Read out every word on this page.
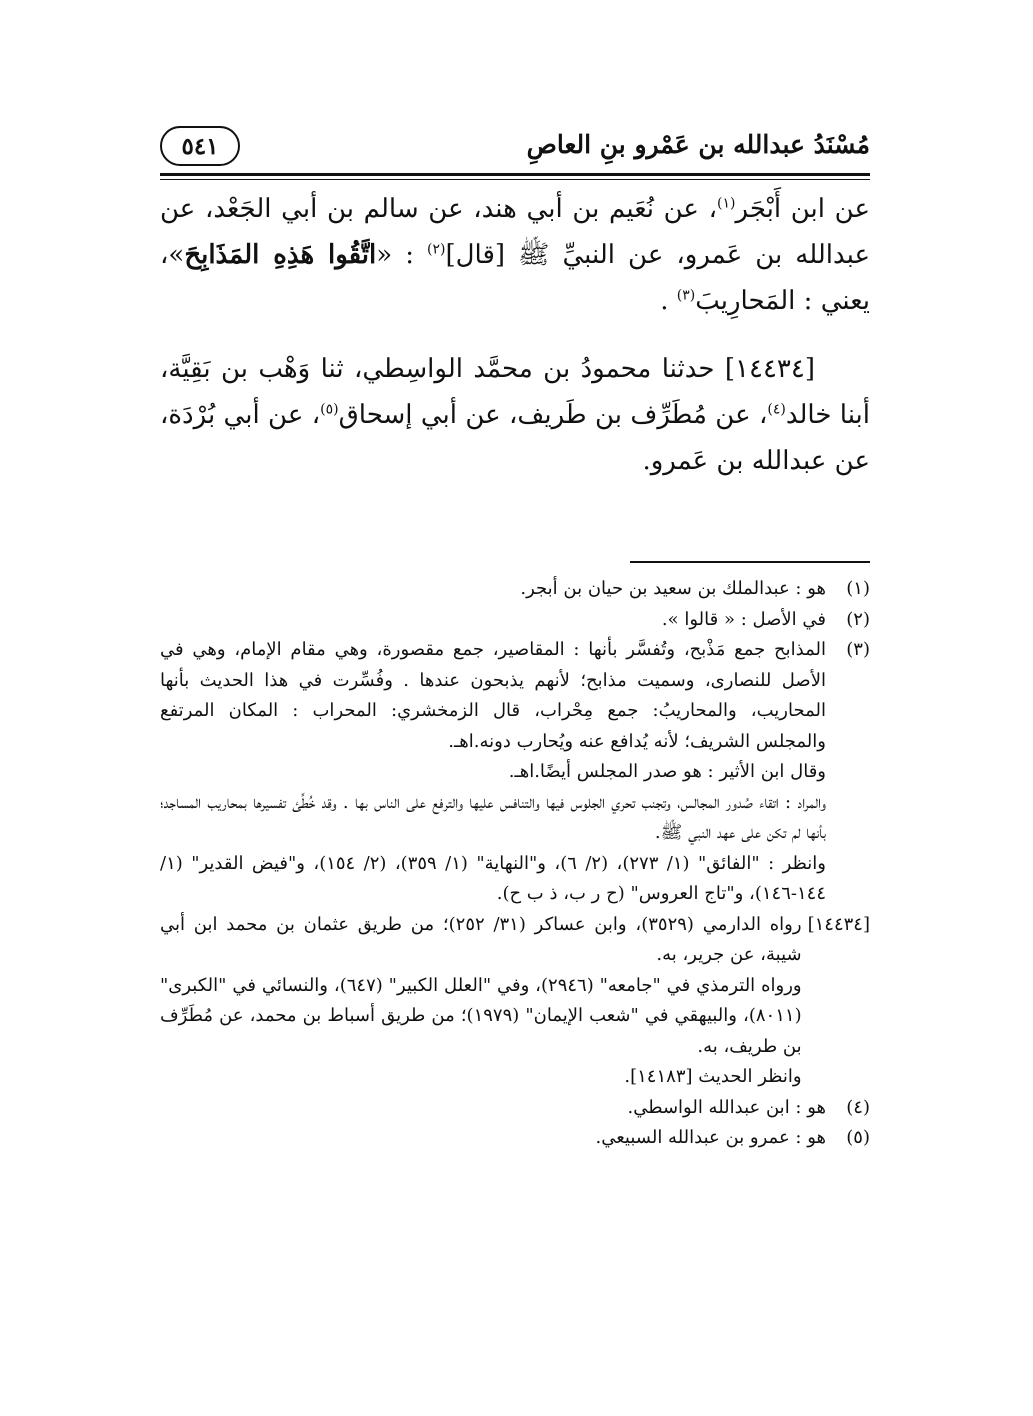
مُسْنَدُ عبدالله بن عَمْرو بنِ العاصِ
٥٤١

عن ابن أَبْجَر$^{(١)}$، عن نُعَيم بن أبي هند، عن سالم بن أبي الجَعْد، عن عبدالله بن عَمرو، عن النبيِّ ﷺ [قال]$^{(٢)}$ : «اتَّقُوا هَذِهِ المَذَابِحَ»، يعني : المَحارِيبَ$^{(٣)}$ .

[١٤٤٣٤] حدثنا محمودُ بن محمَّد الواسِطي، ثنا وَهْب بن بَقِيَّة، أبنا خالد$^{(٤)}$، عن مُطَرِّف بن طَريف، عن أبي إسحاق$^{(٥)}$، عن أبي بُرْدَة، عن عبدالله بن عَمرو.

(١)
هو : عبدالملك بن سعيد بن حيان بن أبجر.
(٢)
في الأصل : « قالوا ».
(٣)
المذابح جمع مَذْبح، وتُفسَّر بأنها : المقاصير، جمع مقصورة، وهي مقام الإمام، وهي في الأصل للنصارى، وسميت مذابح؛ لأنهم يذبحون عندها . وفُسِّرت في هذا الحديث بأنها المحاريب، والمحاريبُ: جمع مِحْراب، قال الزمخشري: المحراب : المكان المرتفع والمجلس الشريف؛ لأنه يُدافع عنه ويُحارب دونه.اهـ.
وقال ابن الأثير : هو صدر المجلس أيضًا.اهـ.
والمراد : اتقاء صُدور المجالس، وتجنب تحري الجلوس فيها والتنافس عليها والترفع على الناس بها . وقد خُطِّئ تفسيرها بمحاريب المساجد؛ بأنها لم تكن على عهد النبي ﷺ.
وانظر : "الفائق" (١/ ٢٧٣)، (٢/ ٦)، و"النهاية" (١/ ٣٥٩)، (٢/ ١٥٤)، و"فيض القدير" (١/ ١٤٤-١٤٦)، و"تاج العروس" (ح ر ب، ذ ب ح).
[١٤٤٣٤]
رواه الدارمي (٣٥٢٩)، وابن عساكر (٣١/ ٢٥٢)؛ من طريق عثمان بن محمد ابن أبي شيبة، عن جرير، به.
ورواه الترمذي في "جامعه" (٢٩٤٦)، وفي "العلل الكبير" (٦٤٧)، والنسائي في "الكبرى" (٨٠١١)، والبيهقي في "شعب الإيمان" (١٩٧٩)؛ من طريق أسباط بن محمد، عن مُطَرِّف بن طريف، به.
وانظر الحديث [١٤١٨٣].
(٤)
هو : ابن عبدالله الواسطي.
(٥)
هو : عمرو بن عبدالله السبيعي.
